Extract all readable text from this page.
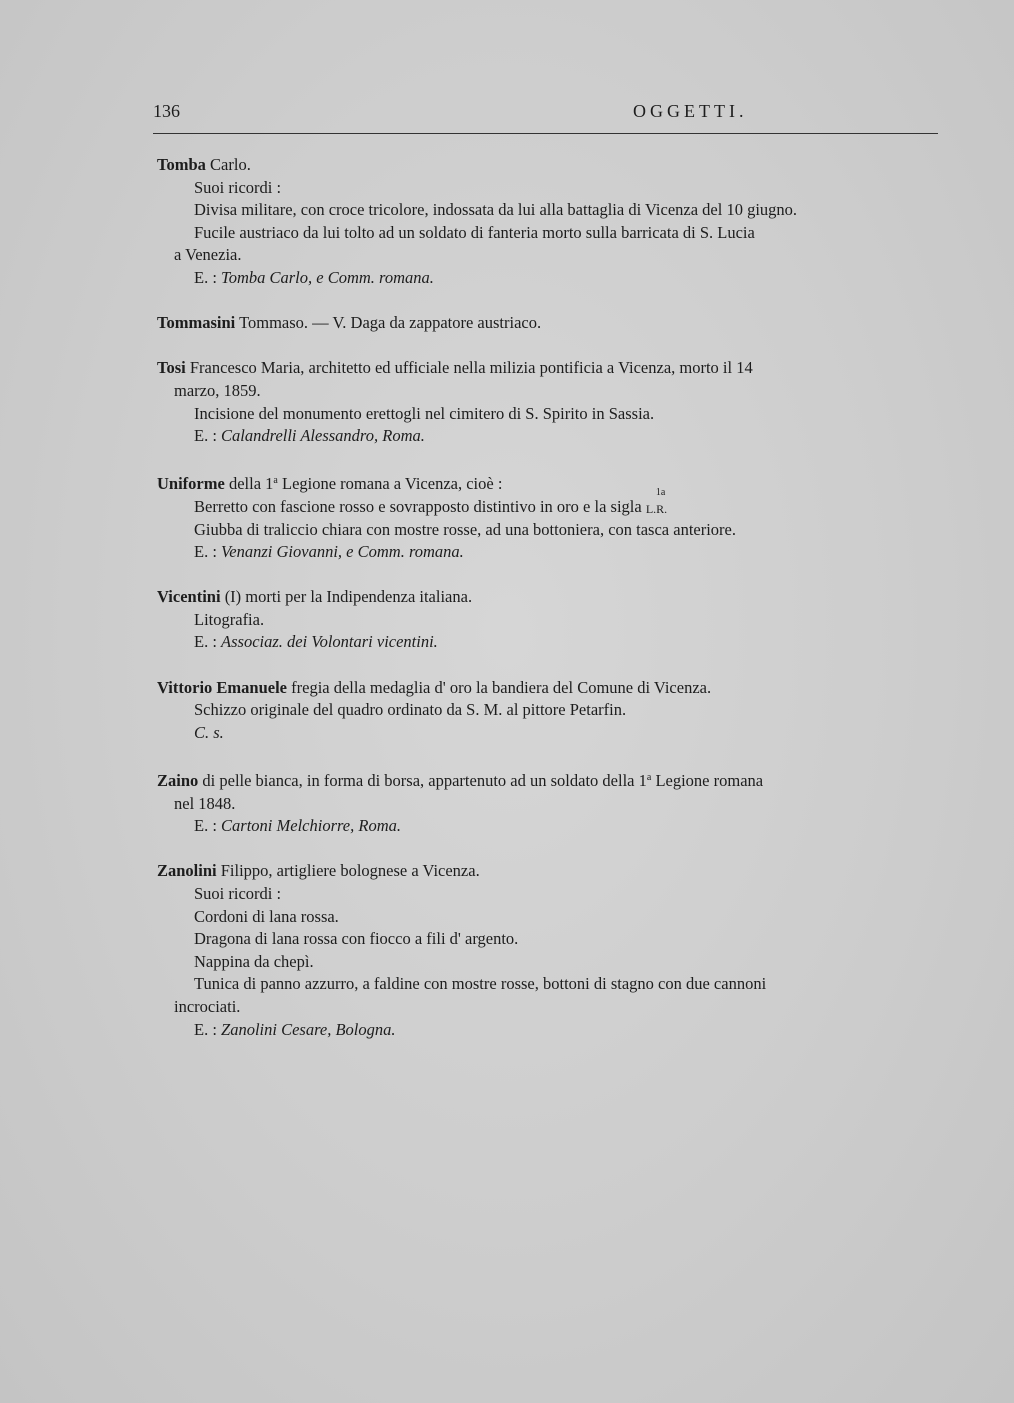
136	OGGETTI.

Tomba Carlo.

Suoi ricordi :

Divisa militare, con croce tricolore, indossata da lui alla battaglia di Vicenza del 10 giugno.

Fucile austriaco da lui tolto ad un soldato di fanteria morto sulla barricata di S. Lucia

a Venezia.

E. : Tomba Carlo, e Comm. romana.

Tommasini Tommaso. — V. Daga da zappatore austriaco.

Tosi Francesco Maria, architetto ed ufficiale nella milizia pontificia a Vicenza, morto il 14

marzo, 1859.

Incisione del monumento erettogli nel cimitero di S. Spirito in Sassia.

E. : Calandrelli Alessandro, Roma.

Uniforme della 1$^a$ Legione romana a Vicenza, cioè :

Berretto con fascione rosso e sovrapposto distintivo in oro e la sigla
1a
L.R.

Giubba di traliccio chiara con mostre rosse, ad una bottoniera, con tasca anteriore.

E. : Venanzi Giovanni, e Comm. romana.

Vicentini (I) morti per la Indipendenza italiana.

Litografia.

E. : Associaz. dei Volontari vicentini.

Vittorio Emanuele fregia della medaglia d' oro la bandiera del Comune di Vicenza.

Schizzo originale del quadro ordinato da S. M. al pittore Petarfin.

C. s.

Zaino di pelle bianca, in forma di borsa, appartenuto ad un soldato della 1$^a$ Legione romana

nel 1848.

E. : Cartoni Melchiorre, Roma.

Zanolini Filippo, artigliere bolognese a Vicenza.

Suoi ricordi :

Cordoni di lana rossa.

Dragona di lana rossa con fiocco a fili d' argento.

Nappina da chepì.

Tunica di panno azzurro, a faldine con mostre rosse, bottoni di stagno con due cannoni

incrociati.

E. : Zanolini Cesare, Bologna.
